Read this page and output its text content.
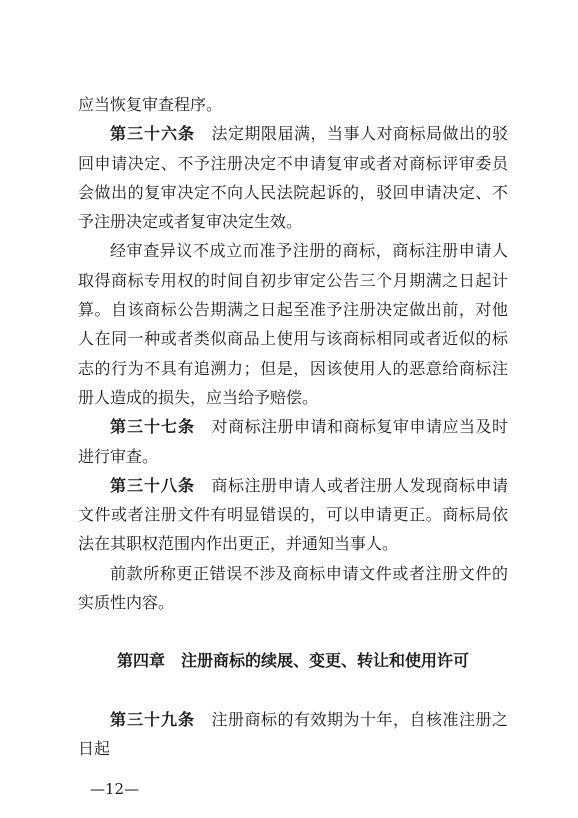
应当恢复审查程序。

第三十六条　 法定期限届满，当事人对商标局做出的驳回申请决定、不予注册决定不申请复审或者对商标评审委员会做出的复审决定不向人民法院起诉的，驳回申请决定、不予注册决定或者复审决定生效。

经审查异议不成立而准予注册的商标，商标注册申请人取得商标专用权的时间自初步审定公告三个月期满之日起计算。自该商标公告期满之日起至准予注册决定做出前，对他人在同一种或者类似商品上使用与该商标相同或者近似的标志的行为不具有追溯力；但是，因该使用人的恶意给商标注册人造成的损失，应当给予赔偿。

第三十七条　 对商标注册申请和商标复审申请应当及时进行审查。

第三十八条　 商标注册申请人或者注册人发现商标申请文件或者注册文件有明显错误的，可以申请更正。商标局依法在其职权范围内作出更正，并通知当事人。

前款所称更正错误不涉及商标申请文件或者注册文件的实质性内容。

第四章　注册商标的续展、变更、转让和使用许可

第三十九条　 注册商标的有效期为十年，自核准注册之日起

—12—
